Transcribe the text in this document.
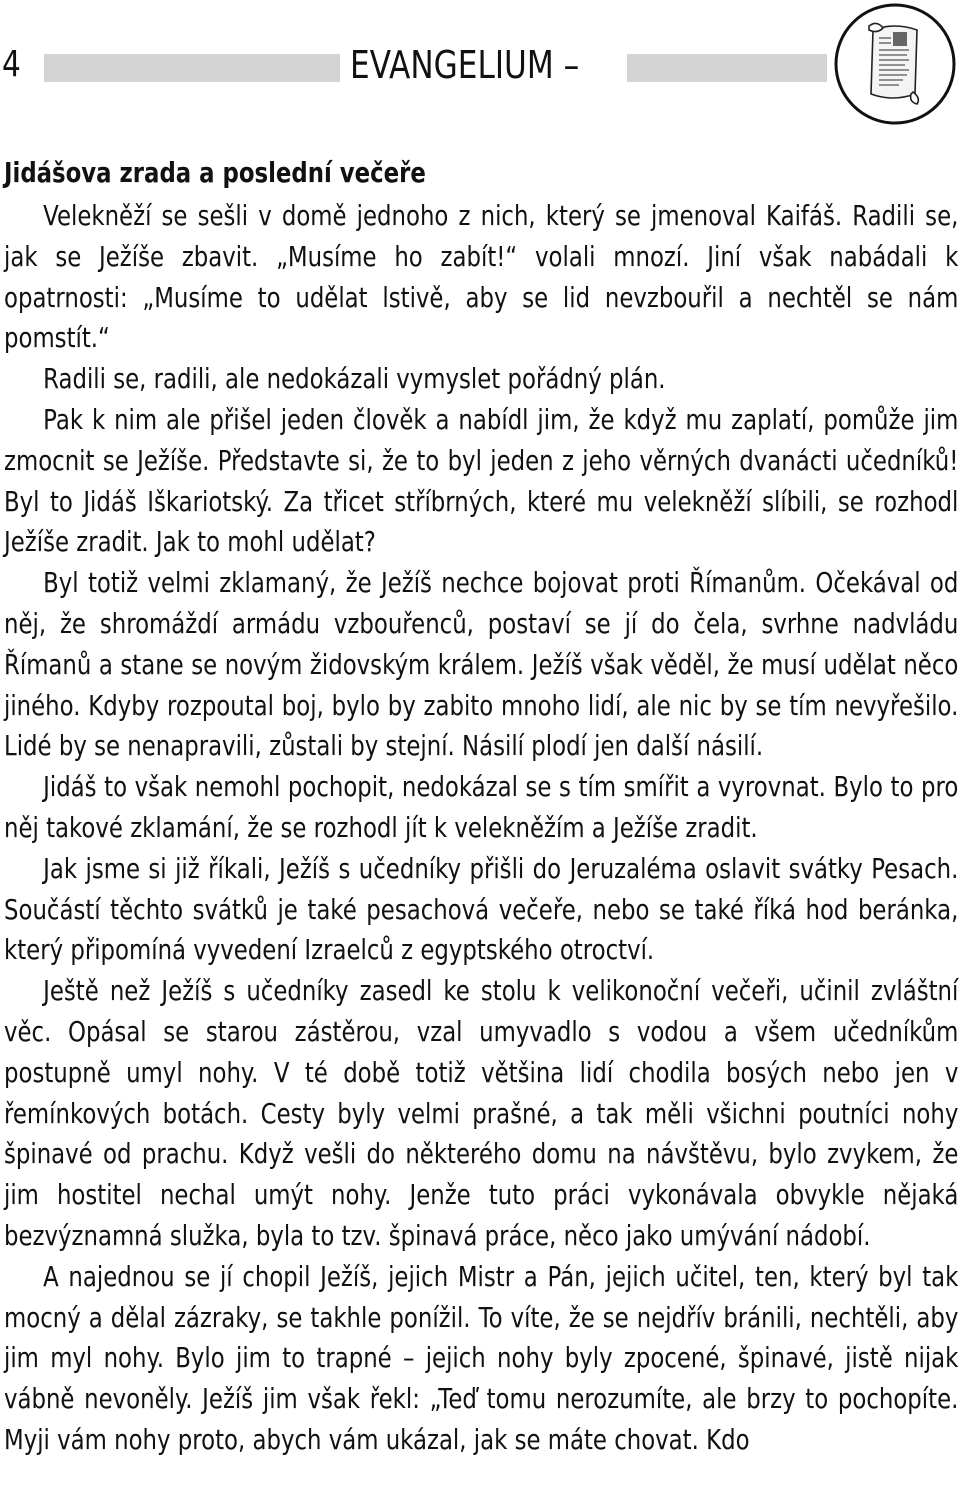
4	EVANGELIUM –
Jidášova zrada a poslední večeře

Velekněží se sešli v domě jednoho z nich, který se jmenoval Kaifáš. Radili se, jak se Ježíše zbavit. „Musíme ho zabít!“ volali mnozí. Jiní však nabádali k opatrnosti: „Musíme to udělat lstivě, aby se lid nevzbouřil a nechtěl se nám pomstít.“

Radili se, radili, ale nedokázali vymyslet pořádný plán.

Pak k nim ale přišel jeden člověk a nabídl jim, že když mu zaplatí, pomůže jim zmocnit se Ježíše. Představte si, že to byl jeden z jeho věrných dvanácti učedníků! Byl to Jidáš Iškariotský. Za třicet stříbrných, které mu velekněží slíbili, se rozhodl Ježíše zradit. Jak to mohl udělat?

Byl totiž velmi zklamaný, že Ježíš nechce bojovat proti Římanům. Očekával od něj, že shromáždí armádu vzbouřenců, postaví se jí do čela, svrhne nadvládu Římanů a stane se novým židovským králem. Ježíš však věděl, že musí udělat něco jiného. Kdyby rozpoutal boj, bylo by zabito mnoho lidí, ale nic by se tím nevyřešilo. Lidé by se nenapravili, zůstali by stejní. Násilí plodí jen další násilí.

Jidáš to však nemohl pochopit, nedokázal se s tím smířit a vyrovnat. Bylo to pro něj takové zklamání, že se rozhodl jít k velekněžím a Ježíše zradit.

Jak jsme si již říkali, Ježíš s učedníky přišli do Jeruzaléma oslavit svátky Pesach. Součástí těchto svátků je také pesachová večeře, nebo se také říká hod beránka, který připomíná vyvedení Izraelců z egyptského otroctví.

Ještě než Ježíš s učedníky zasedl ke stolu k velikonoční večeři, učinil zvláštní věc. Opásal se starou zástěrou, vzal umyvadlo s vodou a všem učedníkům postupně umyl nohy. V té době totiž většina lidí chodila bosých nebo jen v řemínkových botách. Cesty byly velmi prašné, a tak měli všichni poutníci nohy špinavé od prachu. Když vešli do některého domu na návštěvu, bylo zvykem, že jim hostitel nechal umýt nohy. Jenže tuto práci vykonávala obvykle nějaká bezvýznamná služka, byla to tzv. špinavá práce, něco jako umývání nádobí.

A najednou se jí chopil Ježíš, jejich Mistr a Pán, jejich učitel, ten, který byl tak mocný a dělal zázraky, se takhle ponížil. To víte, že se nejdřív bránili, nechtěli, aby jim myl nohy. Bylo jim to trapné – jejich nohy byly zpocené, špinavé, jistě nijak vábně nevoněly. Ježíš jim však řekl: „Teď tomu nerozumíte, ale brzy to pochopíte. Myji vám nohy proto, abych vám ukázal, jak se máte chovat. Kdo
